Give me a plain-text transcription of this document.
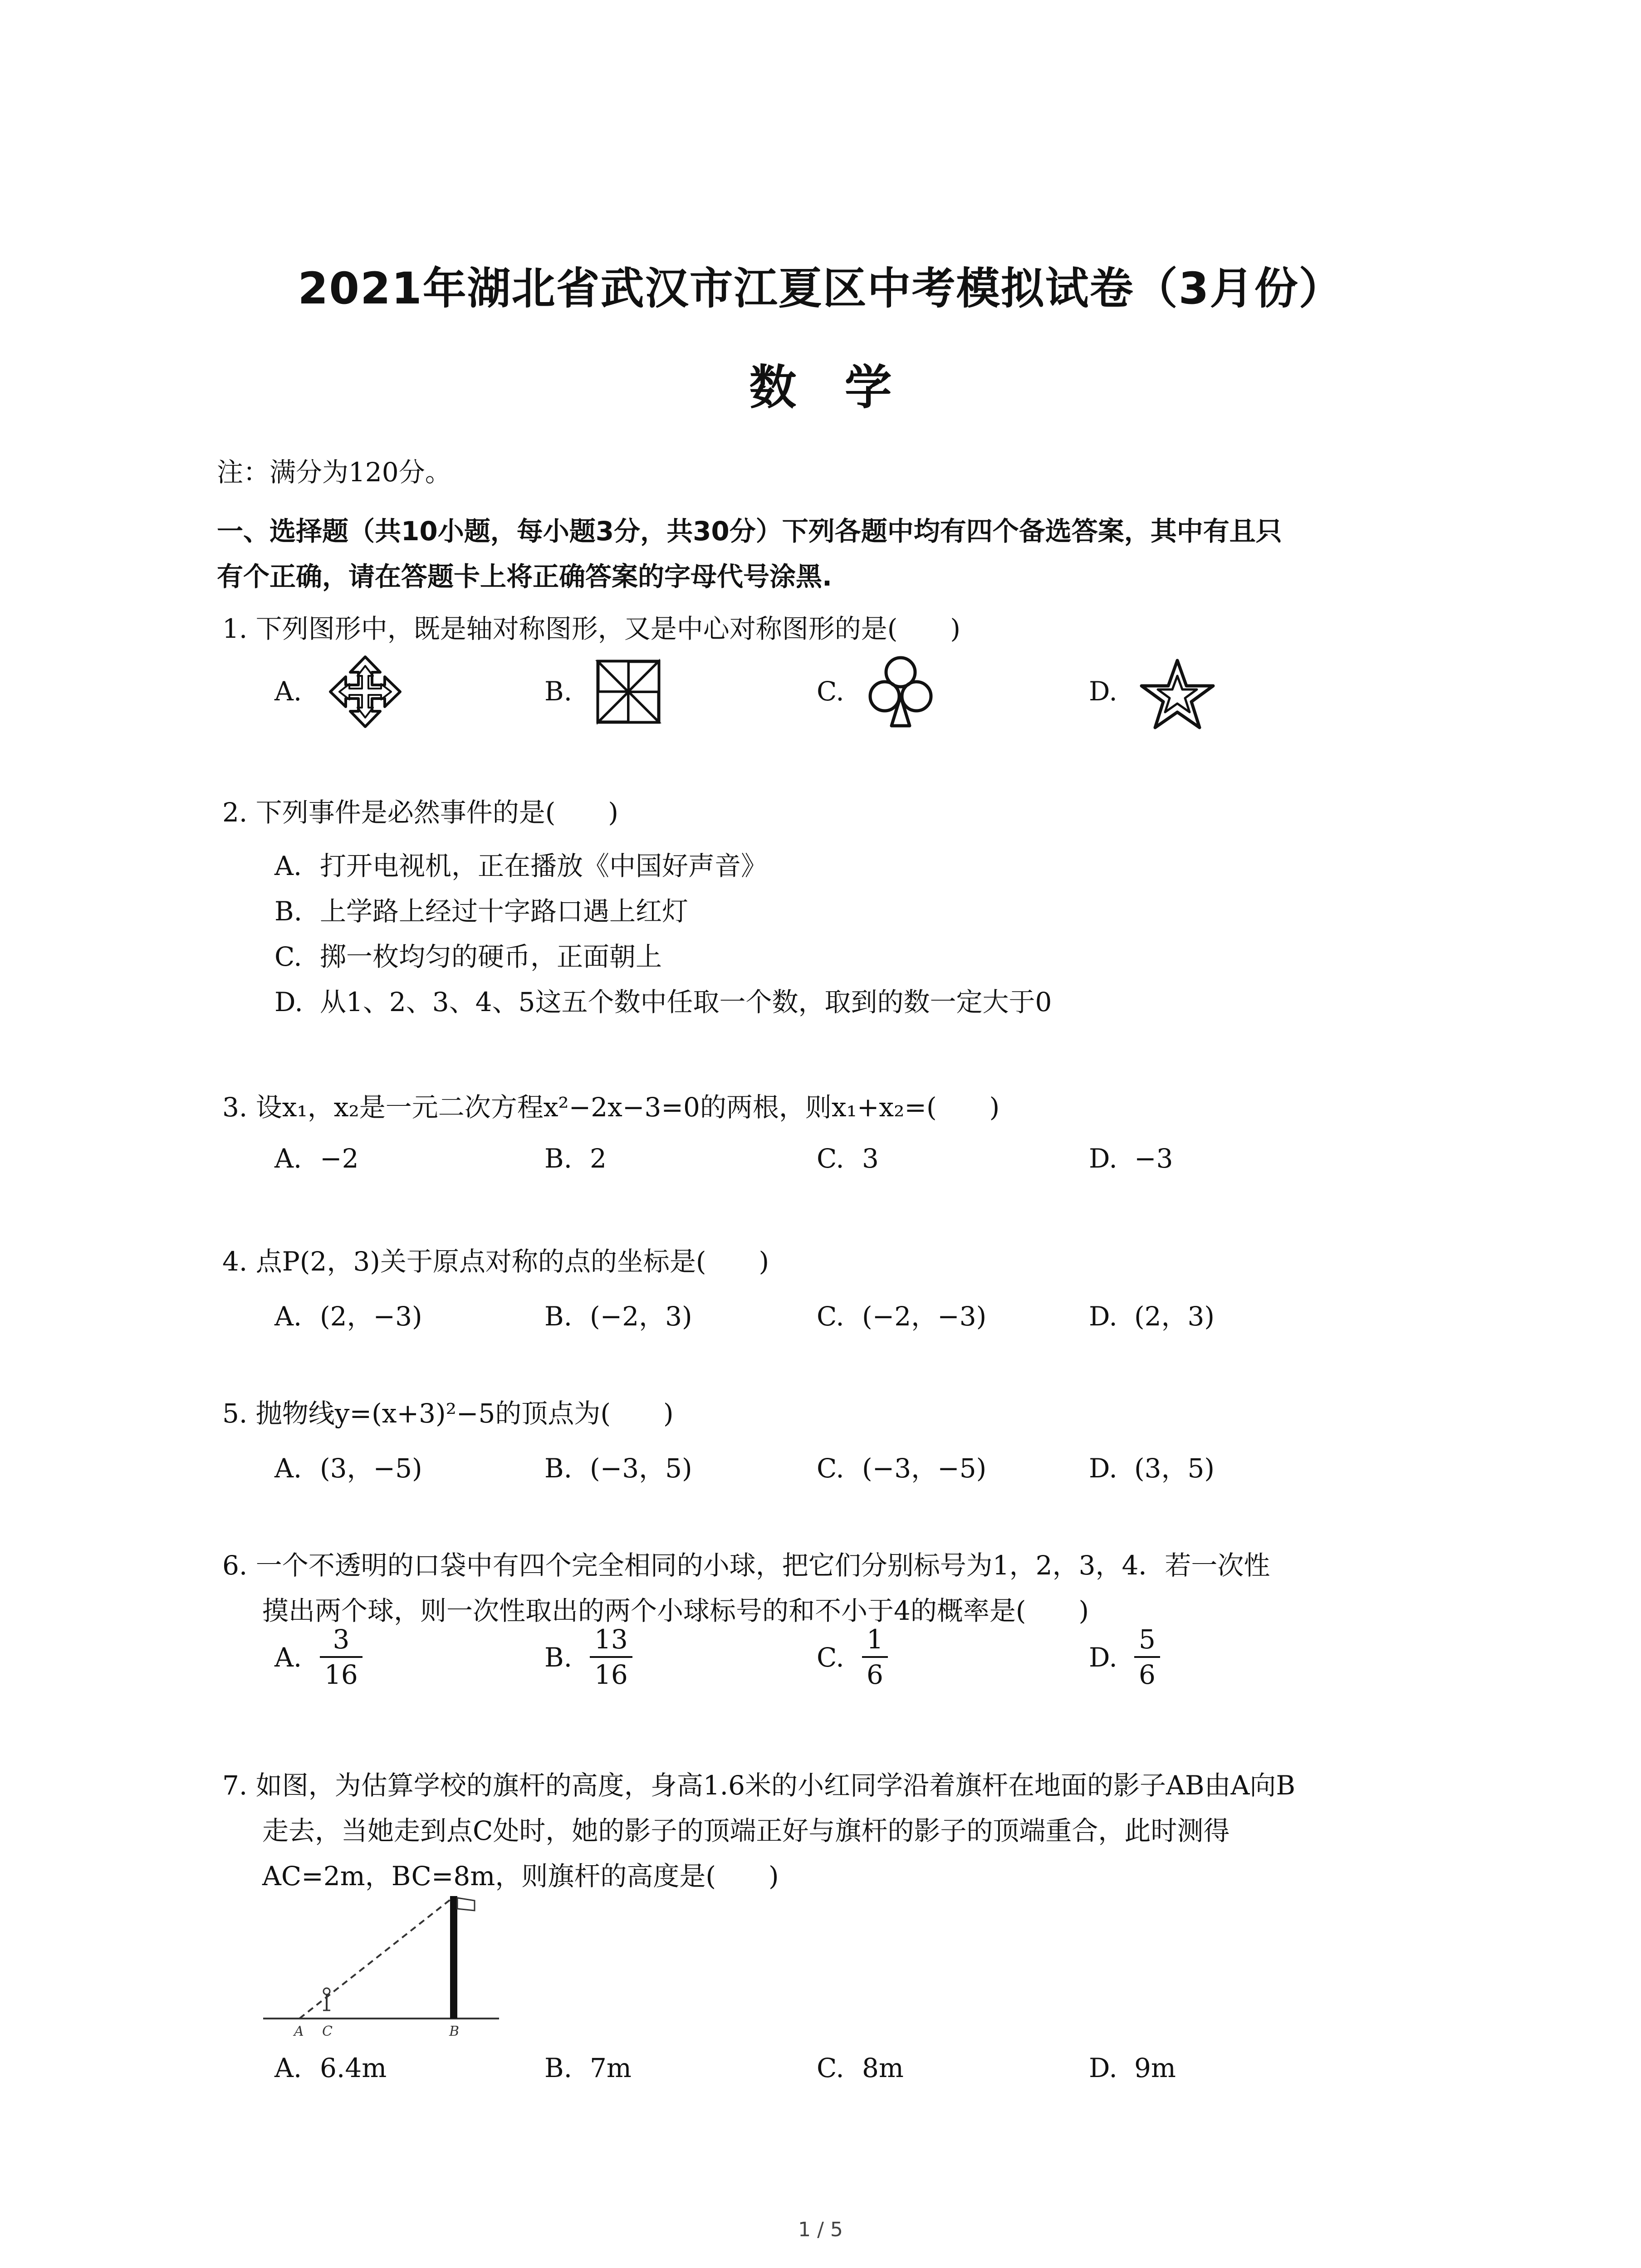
2021年湖北省武汉市江夏区中考模拟试卷（3月份）
数 学
注：满分为120分。
一、选择题（共10小题，每小题3分，共30分）下列各题中均有四个备选答案，其中有且只
有个正确，请在答题卡上将正确答案的字母代号涂黑.
1. 下列图形中，既是轴对称图形，又是中心对称图形的是(　　)
A.	B.	C.	D.
2. 下列事件是必然事件的是(　　)
A. 打开电视机，正在播放《中国好声音》
B. 上学路上经过十字路口遇上红灯
C. 掷一枚均匀的硬币，正面朝上
D. 从1、2、3、4、5这五个数中任取一个数，取到的数一定大于0
3. 设x₁，x₂是一元二次方程x²−2x−3=0的两根，则x₁+x₂=(　　)
A. −2	B. 2	C. 3	D. −3
4. 点P(2，3)关于原点对称的点的坐标是(　　)
A. (2，−3)	B. (−2，3)	C. (−2，−3)	D. (2，3)
5. 抛物线y=(x+3)²−5的顶点为(　　)
A. (3，−5)	B. (−3，5)	C. (−3，−5)	D. (3，5)
6. 一个不透明的口袋中有四个完全相同的小球，把它们分别标号为1，2，3，4．若一次性
摸出两个球，则一次性取出的两个小球标号的和不小于4的概率是(　　)
A. $\frac{3}{16}$	B. $\frac{13}{16}$	C. $\frac{1}{6}$	D. $\frac{5}{6}$
7. 如图，为估算学校的旗杆的高度，身高1.6米的小红同学沿着旗杆在地面的影子AB由A向B
走去，当她走到点C处时，她的影子的顶端正好与旗杆的影子的顶端重合，此时测得
AC=2m，BC=8m，则旗杆的高度是(　　)
A C	B
A. 6.4m	B. 7m	C. 8m	D. 9m
1 / 5
